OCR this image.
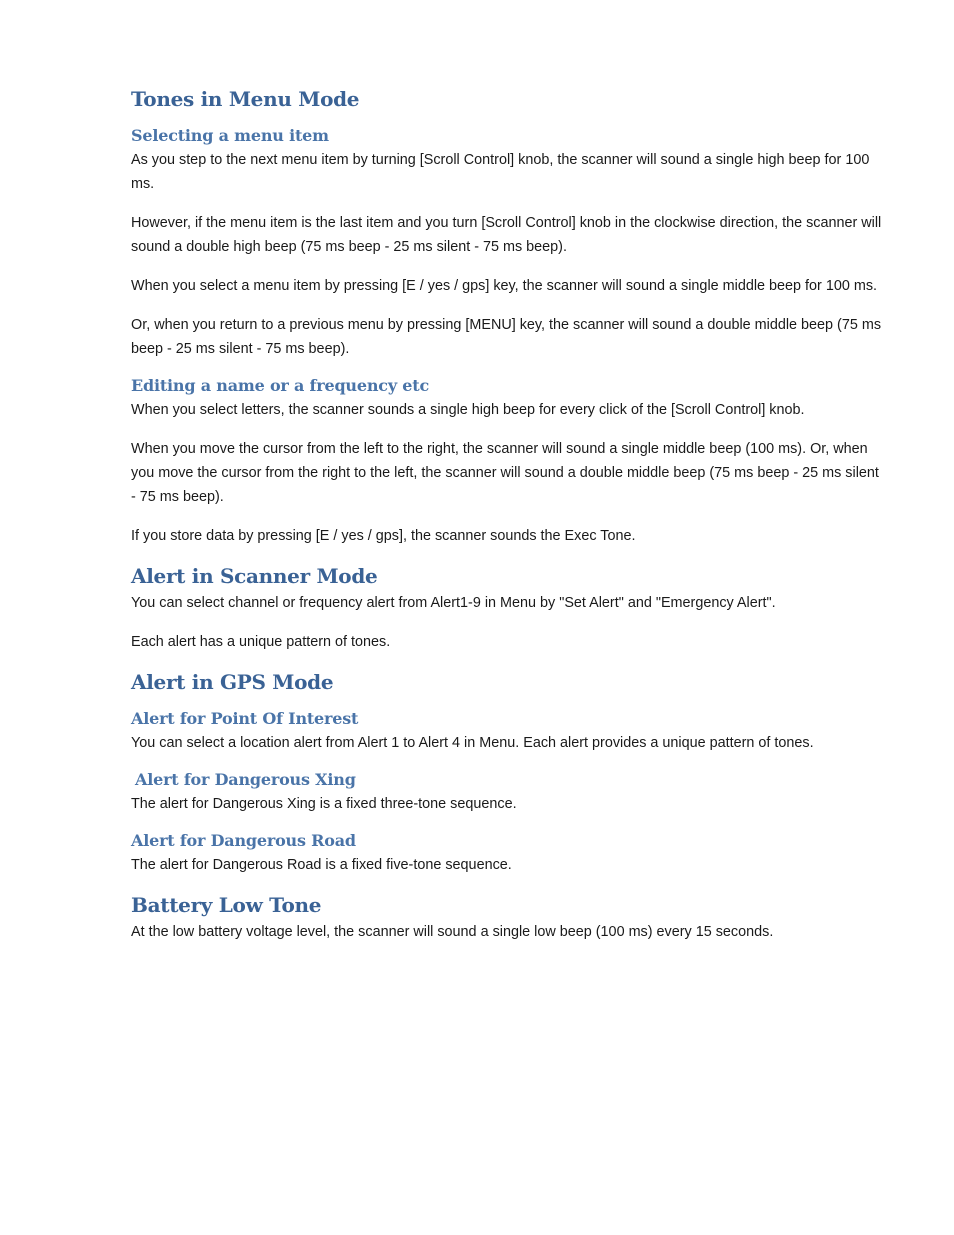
Tones in Menu Mode
Selecting a menu item

As you step to the next menu item by turning [Scroll Control] knob, the scanner will sound a single high beep for 100 ms.

However, if the menu item is the last item and you turn [Scroll Control] knob in the clockwise direction, the scanner will sound a double high beep (75 ms beep - 25 ms silent - 75 ms beep).

When you select a menu item by pressing [E / yes / gps] key, the scanner will sound a single middle beep for 100 ms.

Or, when you return to a previous menu by pressing [MENU] key, the scanner will sound a double middle beep (75 ms beep - 25 ms silent - 75 ms beep).

Editing a name or a frequency etc

When you select letters, the scanner sounds a single high beep for every click of the [Scroll Control] knob.

When you move the cursor from the left to the right, the scanner will sound a single middle beep (100 ms). Or, when you move the cursor from the right to the left, the scanner will sound a double middle beep (75 ms beep - 25 ms silent - 75 ms beep).

If you store data by pressing [E / yes / gps], the scanner sounds the Exec Tone.

Alert in Scanner Mode

You can select channel or frequency alert from Alert1-9 in Menu by "Set Alert" and "Emergency Alert".

Each alert has a unique pattern of tones.

Alert in GPS Mode
Alert for Point Of Interest

You can select a location alert from Alert 1 to Alert 4 in Menu. Each alert provides a unique pattern of tones.

Alert for Dangerous Xing

The alert for Dangerous Xing is a fixed three-tone sequence.

Alert for Dangerous Road

The alert for Dangerous Road is a fixed five-tone sequence.

Battery Low Tone

At the low battery voltage level, the scanner will sound a single low beep (100 ms) every 15 seconds.
